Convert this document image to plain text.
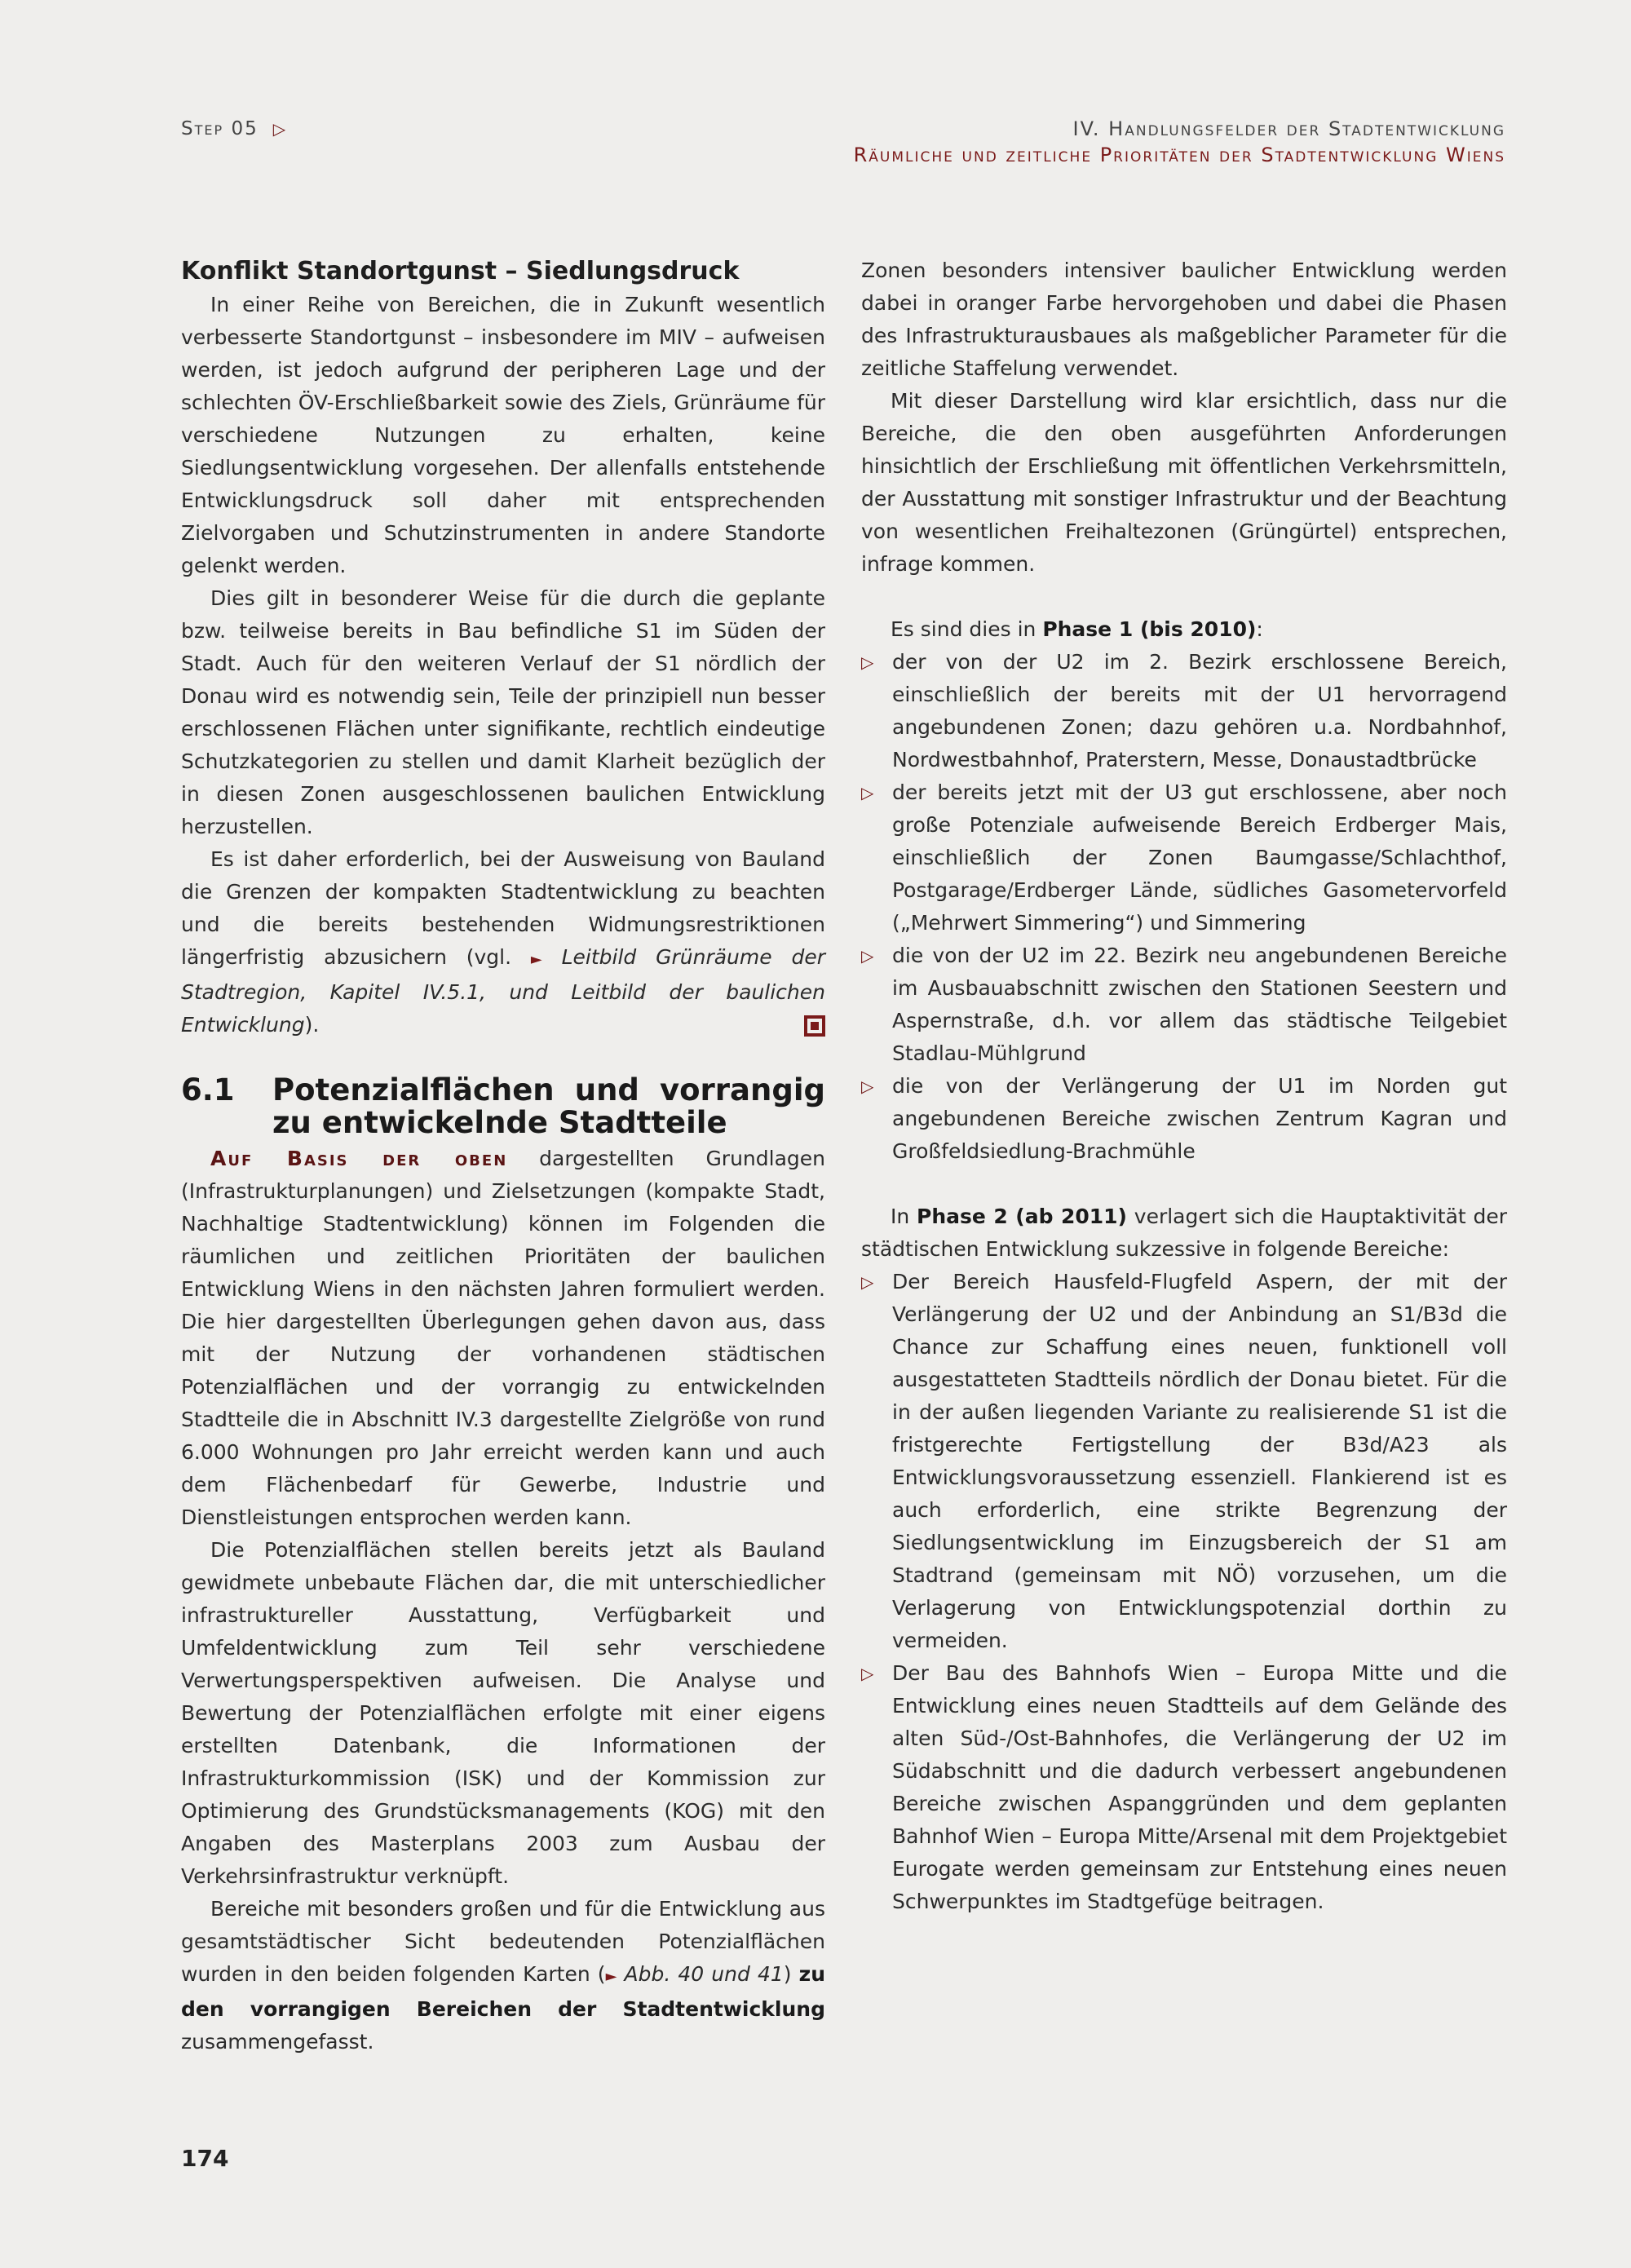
Step 05 ▷	IV. Handlungsfelder der Stadtentwicklung
Räumliche und zeitliche Prioritäten der Stadtentwicklung Wiens
Konflikt Standortgunst – Siedlungsdruck

In einer Reihe von Bereichen, die in Zukunft wesentlich verbesserte Standortgunst – insbesondere im MIV – aufweisen werden, ist jedoch aufgrund der peripheren Lage und der schlechten ÖV-Erschließbarkeit sowie des Ziels, Grünräume für verschiedene Nutzungen zu erhalten, keine Siedlungsentwicklung vorgesehen. Der allenfalls entstehende Entwicklungsdruck soll daher mit entsprechenden Zielvorgaben und Schutzinstrumenten in andere Standorte gelenkt werden.

Dies gilt in besonderer Weise für die durch die geplante bzw. teilweise bereits in Bau befindliche S1 im Süden der Stadt. Auch für den weiteren Verlauf der S1 nördlich der Donau wird es notwendig sein, Teile der prinzipiell nun besser erschlossenen Flächen unter signifikante, rechtlich eindeutige Schutzkategorien zu stellen und damit Klarheit bezüglich der in diesen Zonen ausgeschlossenen baulichen Entwicklung herzustellen.

Es ist daher erforderlich, bei der Ausweisung von Bauland die Grenzen der kompakten Stadtentwicklung zu beachten und die bereits bestehenden Widmungsrestriktionen längerfristig abzusichern (vgl. ► Leitbild Grünräume der Stadtregion, Kapitel IV.5.1, und Leitbild der baulichen Entwicklung).

6.1	Potenzialflächen und vorrangig zu entwickelnde Stadtteile

Auf Basis der oben dargestellten Grundlagen (Infrastrukturplanungen) und Zielsetzungen (kompakte Stadt, Nachhaltige Stadtentwicklung) können im Folgenden die räumlichen und zeitlichen Prioritäten der baulichen Entwicklung Wiens in den nächsten Jahren formuliert werden. Die hier dargestellten Überlegungen gehen davon aus, dass mit der Nutzung der vorhandenen städtischen Potenzialflächen und der vorrangig zu entwickelnden Stadtteile die in Abschnitt IV.3 dargestellte Zielgröße von rund 6.000 Wohnungen pro Jahr erreicht werden kann und auch dem Flächenbedarf für Gewerbe, Industrie und Dienstleistungen entsprochen werden kann.

Die Potenzialflächen stellen bereits jetzt als Bauland gewidmete unbebaute Flächen dar, die mit unterschiedlicher infrastruktureller Ausstattung, Verfügbarkeit und Umfeldentwicklung zum Teil sehr verschiedene Verwertungsperspektiven aufweisen. Die Analyse und Bewertung der Potenzialflächen erfolgte mit einer eigens erstellten Datenbank, die Informationen der Infrastrukturkommission (ISK) und der Kommission zur Optimierung des Grundstücksmanagements (KOG) mit den Angaben des Masterplans 2003 zum Ausbau der Verkehrsinfrastruktur verknüpft.

Bereiche mit besonders großen und für die Entwicklung aus gesamtstädtischer Sicht bedeutenden Potenzialflächen wurden in den beiden folgenden Karten (► Abb. 40 und 41) zu den vorrangigen Bereichen der Stadtentwicklung zusammengefasst.

Zonen besonders intensiver baulicher Entwicklung werden dabei in oranger Farbe hervorgehoben und dabei die Phasen des Infrastrukturausbaues als maßgeblicher Parameter für die zeitliche Staffelung verwendet.

Mit dieser Darstellung wird klar ersichtlich, dass nur die Bereiche, die den oben ausgeführten Anforderungen hinsichtlich der Erschließung mit öffentlichen Verkehrsmitteln, der Ausstattung mit sonstiger Infrastruktur und der Beachtung von wesentlichen Freihaltezonen (Grüngürtel) entsprechen, infrage kommen.

Es sind dies in Phase 1 (bis 2010):

▷ der von der U2 im 2. Bezirk erschlossene Bereich, einschließlich der bereits mit der U1 hervorragend angebundenen Zonen; dazu gehören u.a. Nordbahnhof, Nordwestbahnhof, Praterstern, Messe, Donaustadtbrücke
▷ der bereits jetzt mit der U3 gut erschlossene, aber noch große Potenziale aufweisende Bereich Erdberger Mais, einschließlich der Zonen Baumgasse/Schlachthof, Postgarage/Erdberger Lände, südliches Gasometervorfeld („Mehrwert Simmering“) und Simmering
▷ die von der U2 im 22. Bezirk neu angebundenen Bereiche im Ausbauabschnitt zwischen den Stationen Seestern und Aspernstraße, d.h. vor allem das städtische Teilgebiet Stadlau-Mühlgrund
▷ die von der Verlängerung der U1 im Norden gut angebundenen Bereiche zwischen Zentrum Kagran und Großfeldsiedlung-Brachmühle

In Phase 2 (ab 2011) verlagert sich die Hauptaktivität der städtischen Entwicklung sukzessive in folgende Bereiche:

▷ Der Bereich Hausfeld-Flugfeld Aspern, der mit der Verlängerung der U2 und der Anbindung an S1/B3d die Chance zur Schaffung eines neuen, funktionell voll ausgestatteten Stadtteils nördlich der Donau bietet. Für die in der außen liegenden Variante zu realisierende S1 ist die fristgerechte Fertigstellung der B3d/A23 als Entwicklungsvoraussetzung essenziell. Flankierend ist es auch erforderlich, eine strikte Begrenzung der Siedlungsentwicklung im Einzugsbereich der S1 am Stadtrand (gemeinsam mit NÖ) vorzusehen, um die Verlagerung von Entwicklungspotenzial dorthin zu vermeiden.
▷ Der Bau des Bahnhofs Wien – Europa Mitte und die Entwicklung eines neuen Stadtteils auf dem Gelände des alten Süd-/Ost-Bahnhofes, die Verlängerung der U2 im Südabschnitt und die dadurch verbessert angebundenen Bereiche zwischen Aspanggründen und dem geplanten Bahnhof Wien – Europa Mitte/Arsenal mit dem Projektgebiet Eurogate werden gemeinsam zur Entstehung eines neuen Schwerpunktes im Stadtgefüge beitragen.
174
